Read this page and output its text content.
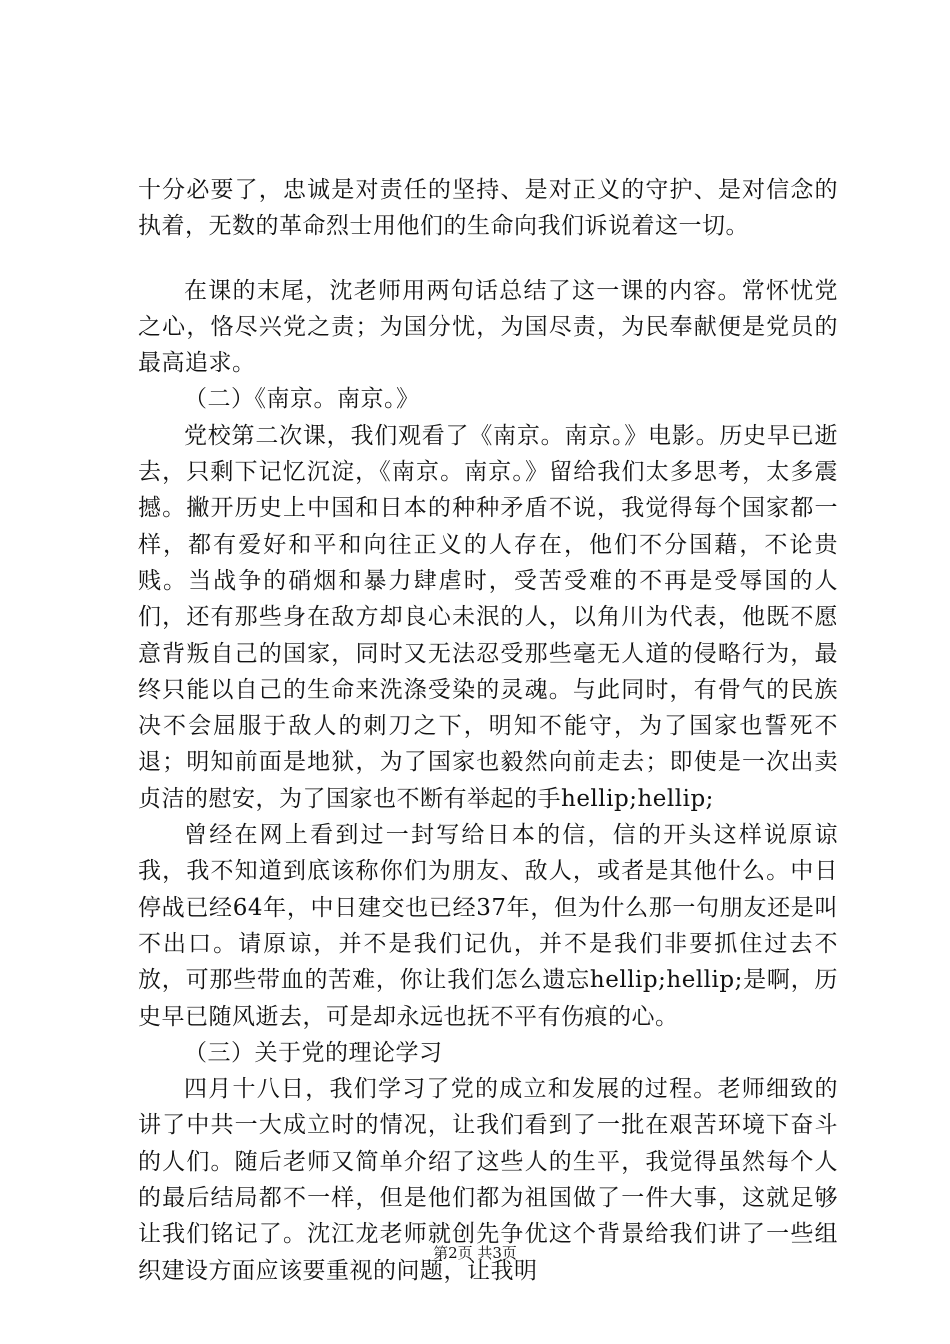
十分必要了，忠诚是对责任的坚持、是对正义的守护、是对信念的执着，无数的革命烈士用他们的生命向我们诉说着这一切。

在课的末尾，沈老师用两句话总结了这一课的内容。常怀忧党之心，恪尽兴党之责；为国分忧，为国尽责，为民奉献便是党员的最高追求。

（二）《南京。南京。》

党校第二次课，我们观看了《南京。南京。》电影。历史早已逝去，只剩下记忆沉淀，《南京。南京。》留给我们太多思考，太多震撼。撇开历史上中国和日本的种种矛盾不说，我觉得每个国家都一样，都有爱好和平和向往正义的人存在，他们不分国藉，不论贵贱。当战争的硝烟和暴力肆虐时，受苦受难的不再是受辱国的人们，还有那些身在敌方却良心未泯的人，以角川为代表，他既不愿意背叛自己的国家，同时又无法忍受那些毫无人道的侵略行为，最终只能以自己的生命来洗涤受染的灵魂。与此同时，有骨气的民族决不会屈服于敌人的刺刀之下，明知不能守，为了国家也誓死不退；明知前面是地狱，为了国家也毅然向前走去；即使是一次出卖贞洁的慰安，为了国家也不断有举起的手hellip;hellip;

曾经在网上看到过一封写给日本的信，信的开头这样说原谅我，我不知道到底该称你们为朋友、敌人，或者是其他什么。中日停战已经64年，中日建交也已经37年，但为什么那一句朋友还是叫不出口。请原谅，并不是我们记仇，并不是我们非要抓住过去不放，可那些带血的苦难，你让我们怎么遗忘hellip;hellip;是啊，历史早已随风逝去，可是却永远也抚不平有伤痕的心。

（三）关于党的理论学习

四月十八日，我们学习了党的成立和发展的过程。老师细致的讲了中共一大成立时的情况，让我们看到了一批在艰苦环境下奋斗的人们。随后老师又简单介绍了这些人的生平，我觉得虽然每个人的最后结局都不一样，但是他们都为祖国做了一件大事，这就足够让我们铭记了。沈江龙老师就创先争优这个背景给我们讲了一些组织建设方面应该要重视的问题，让我明

第2页 共3页
